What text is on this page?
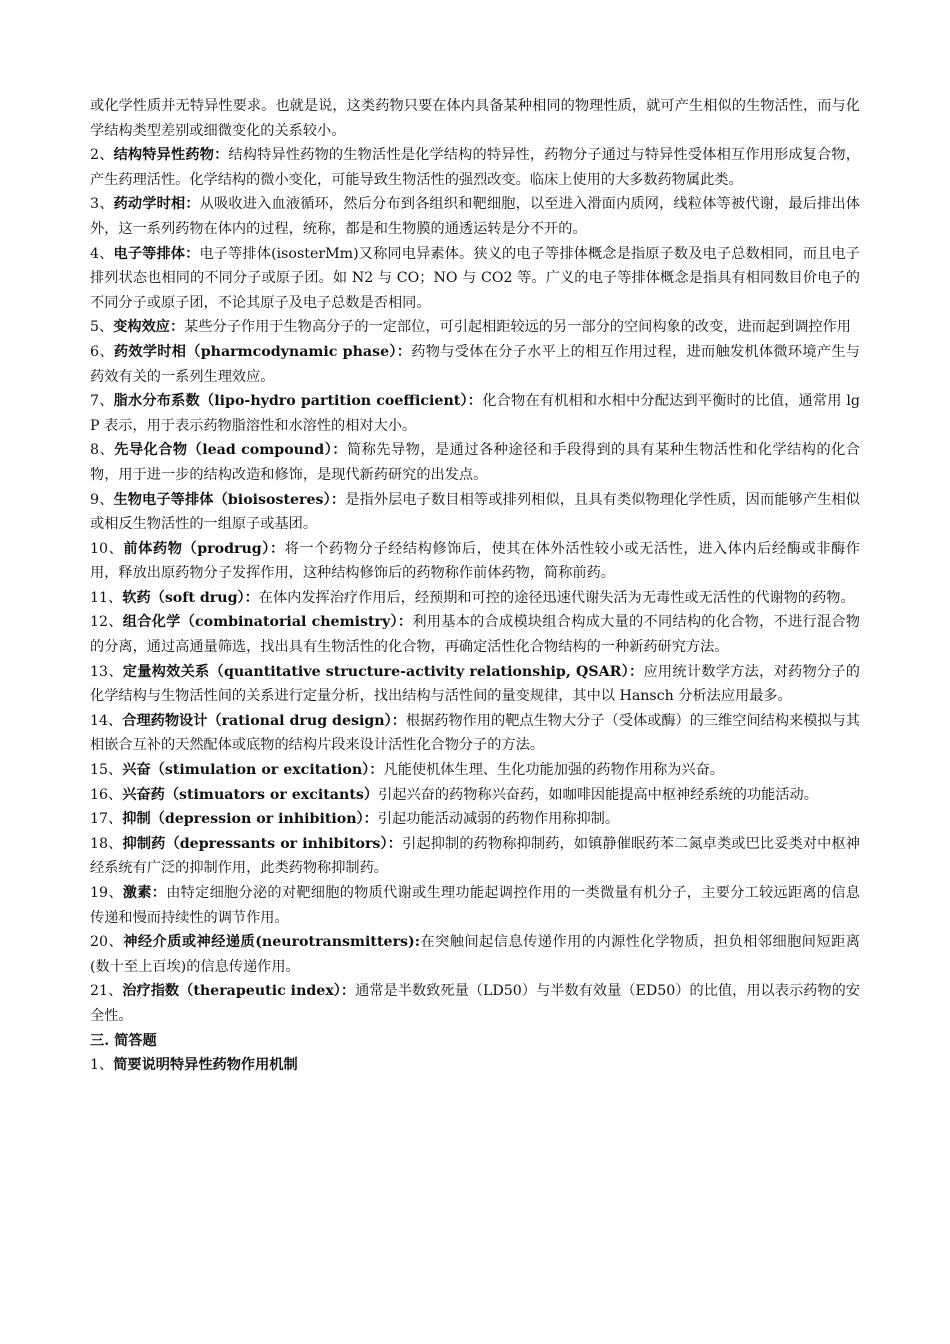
或化学性质并无特异性要求。也就是说，这类药物只要在体内具备某种相同的物理性质，就可产生相似的生物活性，而与化学结构类型差别或细微变化的关系较小。

2、结构特异性药物：结构特异性药物的生物活性是化学结构的特异性，药物分子通过与特异性受体相互作用形成复合物，产生药理活性。化学结构的微小变化，可能导致生物活性的强烈改变。临床上使用的大多数药物属此类。

3、药动学时相：从吸收进入血液循环，然后分布到各组织和靶细胞，以至进入滑面内质网，线粒体等被代谢，最后排出体外，这一系列药物在体内的过程，统称，都是和生物膜的通透运转是分不开的。

4、电子等排体：电子等排体(isosterMm)又称同电异素体。狭义的电子等排体概念是指原子数及电子总数相同，而且电子排列状态也相同的不同分子或原子团。如 N2 与 CO；NO 与 CO2 等。广义的电子等排体概念是指具有相同数目价电子的不同分子或原子团，不论其原子及电子总数是否相同。

5、变构效应：某些分子作用于生物高分子的一定部位，可引起相距较远的另一部分的空间构象的改变，进而起到调控作用

6、药效学时相（pharmcodynamic phase）：药物与受体在分子水平上的相互作用过程，进而触发机体微环境产生与药效有关的一系列生理效应。

7、脂水分布系数（lipo-hydro partition coefficient）：化合物在有机相和水相中分配达到平衡时的比值，通常用 lg P 表示，用于表示药物脂溶性和水溶性的相对大小。

8、先导化合物（lead compound）：简称先导物，是通过各种途径和手段得到的具有某种生物活性和化学结构的化合物，用于进一步的结构改造和修饰，是现代新药研究的出发点。

9、生物电子等排体（bioisosteres）：是指外层电子数目相等或排列相似，且具有类似物理化学性质，因而能够产生相似或相反生物活性的一组原子或基团。

10、前体药物（prodrug）：将一个药物分子经结构修饰后，使其在体外活性较小或无活性，进入体内后经酶或非酶作用，释放出原药物分子发挥作用，这种结构修饰后的药物称作前体药物，简称前药。

11、软药（soft drug）：在体内发挥治疗作用后，经预期和可控的途径迅速代谢失活为无毒性或无活性的代谢物的药物。

12、组合化学（combinatorial chemistry）：利用基本的合成模块组合构成大量的不同结构的化合物，不进行混合物的分离，通过高通量筛选，找出具有生物活性的化合物，再确定活性化合物结构的一种新药研究方法。

13、定量构效关系（quantitative structure-activity relationship, QSAR）：应用统计数学方法，对药物分子的化学结构与生物活性间的关系进行定量分析，找出结构与活性间的量变规律，其中以 Hansch 分析法应用最多。

14、合理药物设计（rational drug design）：根据药物作用的靶点生物大分子（受体或酶）的三维空间结构来模拟与其相嵌合互补的天然配体或底物的结构片段来设计活性化合物分子的方法。

15、兴奋（stimulation or excitation）：凡能使机体生理、生化功能加强的药物作用称为兴奋。

16、兴奋药（stimuators or excitants）引起兴奋的药物称兴奋药，如咖啡因能提高中枢神经系统的功能活动。

17、抑制（depression or inhibition）：引起功能活动减弱的药物作用称抑制。

18、抑制药（depressants or inhibitors）：引起抑制的药物称抑制药，如镇静催眠药苯二氮卓类或巴比妥类对中枢神经系统有广泛的抑制作用，此类药物称抑制药。

19、激素：由特定细胞分泌的对靶细胞的物质代谢或生理功能起调控作用的一类微量有机分子，主要分工较远距离的信息传递和慢而持续性的调节作用。

20、神经介质或神经递质(neurotransmitters):在突触间起信息传递作用的内源性化学物质，担负相邻细胞间短距离(数十至上百埃)的信息传递作用。

21、治疗指数（therapeutic index）：通常是半数致死量（LD50）与半数有效量（ED50）的比值，用以表示药物的安全性。

三. 简答题

1、简要说明特异性药物作用机制
